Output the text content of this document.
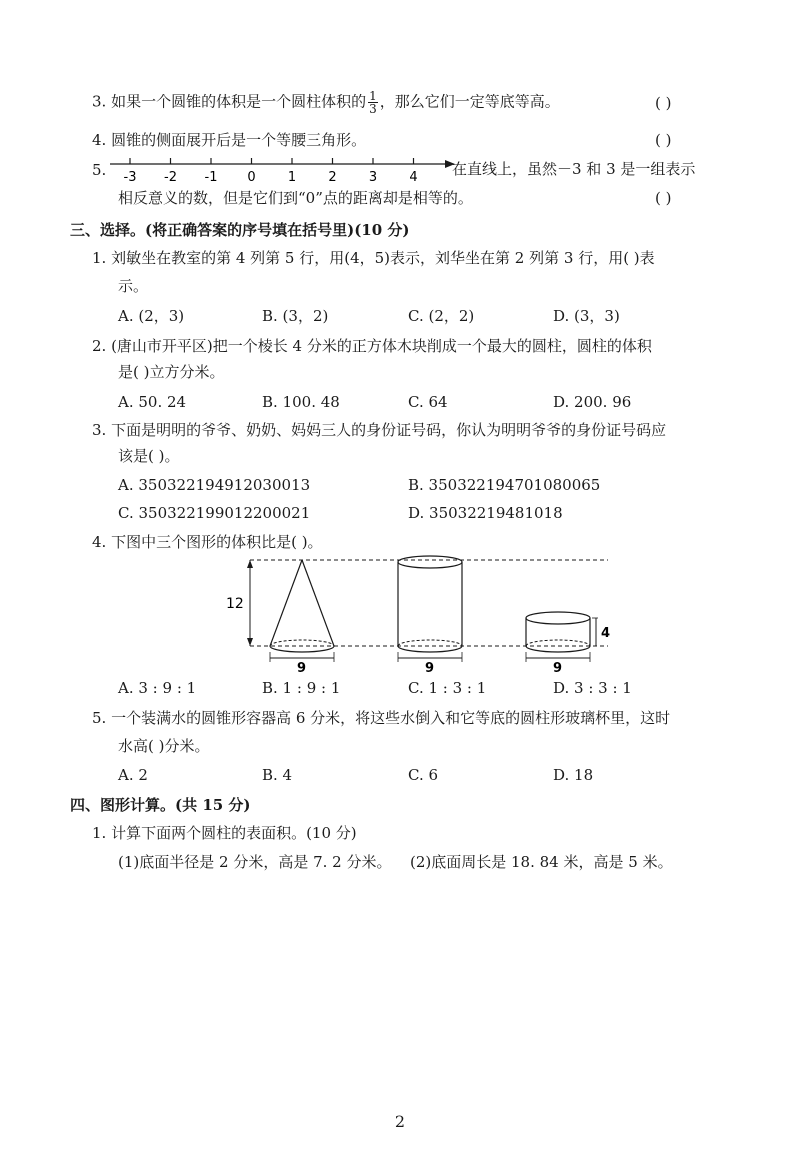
3. 如果一个圆锥的体积是一个圆柱体积的 $\frac{1}{3}$ ，那么它们一定等底等高。	( )
4. 圆锥的侧面展开后是一个等腰三角形。	( )
5. -3 -2 -1 0 1 2 3 4 在直线上，虽然－3 和 3 是一组表示
相反意义的数，但是它们到“0”点的距离却是相等的。	( )
三、选择。(将正确答案的序号填在括号里)(10 分)
1. 刘敏坐在教室的第 4 列第 5 行，用(4，5)表示，刘华坐在第 2 列第 3 行，用( )表
示。
A. (2，3)	B. (3，2)	C. (2，2)	D. (3，3)
2. (唐山市开平区)把一个棱长 4 分米的正方体木块削成一个最大的圆柱，圆柱的体积
是( )立方分米。
A. 50. 24	B. 100. 48	C. 64	D. 200. 96
3. 下面是明明的爷爷、奶奶、妈妈三人的身份证号码，你认为明明爷爷的身份证号码应
该是( )。
A. 350322194912030013	B. 350322194701080065
C. 350322199012200021	D. 35032219481018
4. 下图中三个图形的体积比是( )。
12
9	9	9
4
A. 3 : 9 : 1	B. 1 : 9 : 1	C. 1 : 3 : 1	D. 3 : 3 : 1
5. 一个装满水的圆锥形容器高 6 分米，将这些水倒入和它等底的圆柱形玻璃杯里，这时
水高( )分米。
A. 2	B. 4	C. 6	D. 18
四、图形计算。(共 15 分)
1. 计算下面两个圆柱的表面积。(10 分)
(1)底面半径是 2 分米，高是 7. 2 分米。 (2)底面周长是 18. 84 米，高是 5 米。
2
